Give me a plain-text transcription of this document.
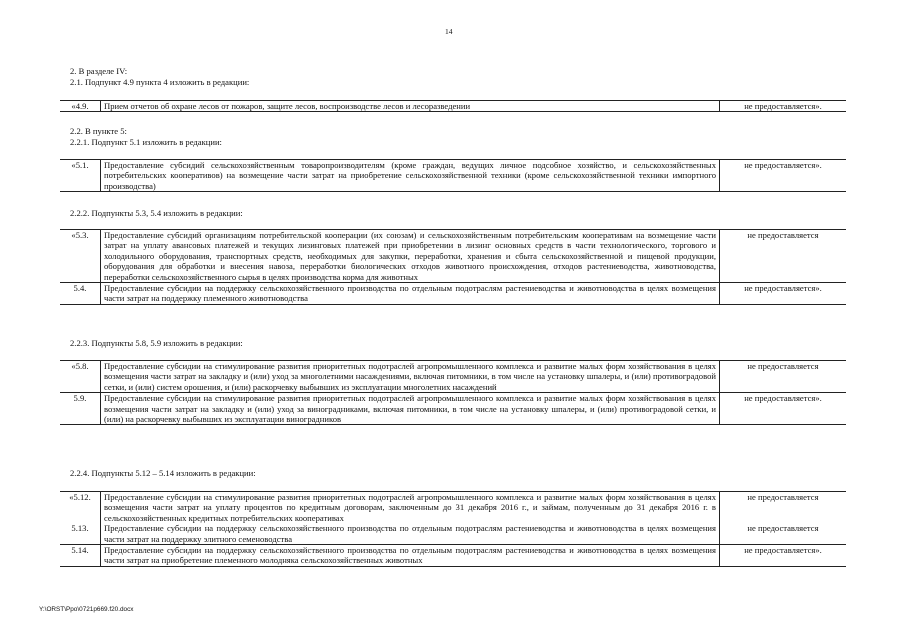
14
2. В разделе IV:
2.1. Подпункт 4.9 пункта 4 изложить в редакции:
«4.9.	Прием отчетов об охране лесов от пожаров, защите лесов, воспроизводстве лесов и лесоразведении	не предоставляется».
2.2. В пункте 5:
2.2.1. Подпункт 5.1 изложить в редакции:
«5.1.	Предоставление субсидий сельскохозяйственным товаропроизводителям (кроме граждан, ведущих личное подсобное хозяйство, и сельскохозяйственных потребительских кооперативов) на возмещение части затрат на приобретение сельскохозяйственной техники (кроме сельскохозяйственной техники импортного производства)	не предоставляется».
2.2.2. Подпункты 5.3, 5.4 изложить в редакции:
«5.3.	Предоставление субсидий организациям потребительской кооперации (их союзам) и сельскохозяйственным потребительским кооперативам на возмещение части затрат на уплату авансовых платежей и текущих лизинговых платежей при приобретении в лизинг основных средств в части технологического, торгового и холодильного оборудования, транспортных средств, необходимых для закупки, переработки, хранения и сбыта сельскохозяйственной и пищевой продукции, оборудования для обработки и внесения навоза, переработки биологических отходов животного происхождения, отходов растениеводства, животноводства, переработки сельскохозяйственного сырья в целях производства корма для животных	не предоставляется
5.4.	Предоставление субсидии на поддержку сельскохозяйственного производства по отдельным подотраслям растениеводства и животноводства в целях возмещения части затрат на поддержку племенного животноводства	не предоставляется».
2.2.3. Подпункты 5.8, 5.9 изложить в редакции:
«5.8.	Предоставление субсидии на стимулирование развития приоритетных подотраслей агропромышленного комплекса и развитие малых форм хозяйствования в целях возмещения части затрат на закладку и (или) уход за многолетними насаждениями, включая питомники, в том числе на установку шпалеры, и (или) противоградовой сетки, и (или) систем орошения, и (или) раскорчевку выбывших из эксплуатации многолетних насаждений	не предоставляется
5.9.	Предоставление субсидии на стимулирование развития приоритетных подотраслей агропромышленного комплекса и развитие малых форм хозяйствования в целях возмещения части затрат на закладку и (или) уход за виноградниками, включая питомники, в том числе на установку шпалеры, и (или) противоградовой сетки, и (или) на раскорчевку выбывших из эксплуатации виноградников	не предоставляется».
2.2.4. Подпункты 5.12 – 5.14 изложить в редакции:
«5.12.	Предоставление субсидии на стимулирование развития приоритетных подотраслей агропромышленного комплекса и развитие малых форм хозяйствования в целях возмещения части затрат на уплату процентов по кредитным договорам, заключенным до 31 декабря 2016 г., и займам, полученным до 31 декабря 2016 г. в сельскохозяйственных кредитных потребительских кооперативах	не предоставляется
5.13.	Предоставление субсидии на поддержку сельскохозяйственного производства по отдельным подотраслям растениеводства и животноводства в целях возмещения части затрат на поддержку элитного семеноводства	не предоставляется
5.14.	Предоставление субсидии на поддержку сельскохозяйственного производства по отдельным подотраслям растениеводства и животноводства в целях возмещения части затрат на приобретение племенного молодняка сельскохозяйственных животных	не предоставляется».
Y:\ORST\Ppo\0721p669.f20.docx
